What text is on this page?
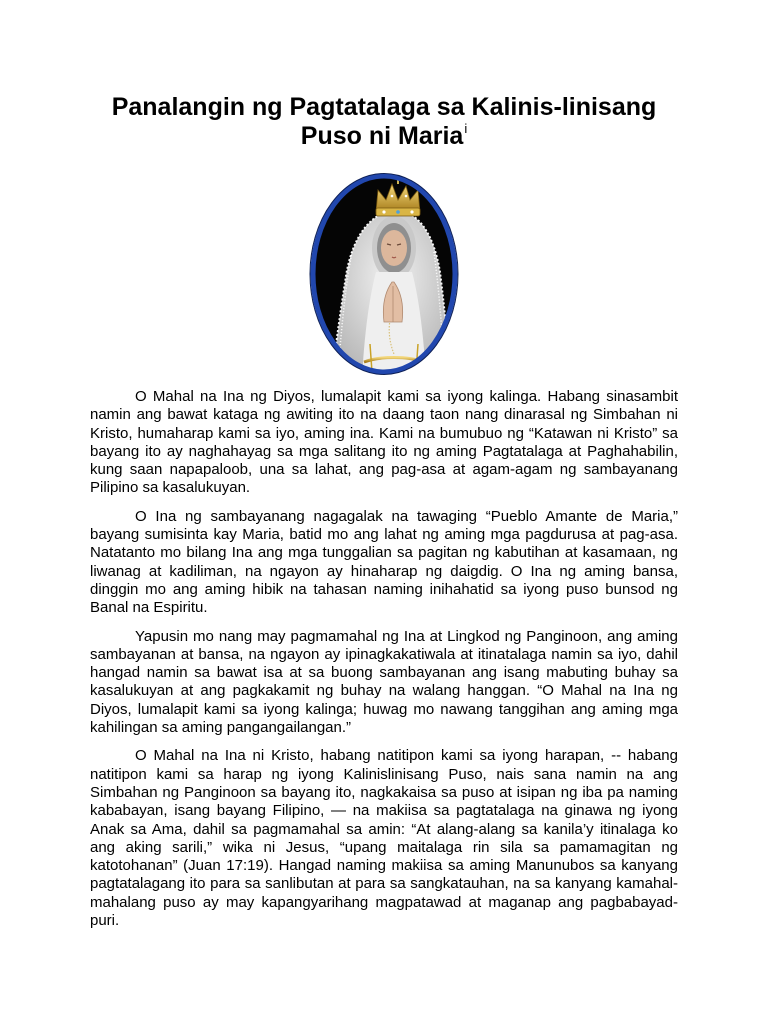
Panalangin ng Pagtatalaga sa Kalinis-linisang
Puso ni Maria$^i$

O Mahal na Ina ng Diyos, lumalapit kami sa iyong kalinga. Habang sinasambit namin ang bawat kataga ng awiting ito na daang taon nang dinarasal ng Simbahan ni Kristo, humaharap kami sa iyo, aming ina. Kami na bumubuo ng “Katawan ni Kristo” sa bayang ito ay naghahayag sa mga salitang ito ng aming Pagtatalaga at Paghahabilin, kung saan napapaloob, una sa lahat, ang pag-asa at agam-agam ng sambayanang Pilipino sa kasalukuyan.

O Ina ng sambayanang nagagalak na tawaging “Pueblo Amante de Maria,” bayang sumisinta kay Maria, batid mo ang lahat ng aming mga pagdurusa at pag-asa. Natatanto mo bilang Ina ang mga tunggalian sa pagitan ng kabutihan at kasamaan, ng liwanag at kadiliman, na ngayon ay hinaharap ng daigdig. O Ina ng aming bansa, dinggin mo ang aming hibik na tahasan naming inihahatid sa iyong puso bunsod ng Banal na Espiritu.

Yapusin mo nang may pagmamahal ng Ina at Lingkod ng Panginoon, ang aming sambayanan at bansa, na ngayon ay ipinagkakatiwala at itinatalaga namin sa iyo, dahil hangad namin sa bawat isa at sa buong sambayanan ang isang mabuting buhay sa kasalukuyan at ang pagkakamit ng buhay na walang hanggan. “O Mahal na Ina ng Diyos, lumalapit kami sa iyong kalinga; huwag mo nawang tanggihan ang aming mga kahilingan sa aming pangangailangan.”

O Mahal na Ina ni Kristo, habang natitipon kami sa iyong harapan, -- habang natitipon kami sa harap ng iyong Kalinislinisang Puso, nais sana namin na ang Simbahan ng Panginoon sa bayang ito, nagkakaisa sa puso at isipan ng iba pa naming kababayan, isang bayang Filipino, — na makiisa sa pagtatalaga na ginawa ng iyong Anak sa Ama, dahil sa pagmamahal sa amin: “At alang-alang sa kanila’y itinalaga ko ang aking sarili,” wika ni Jesus, “upang maitalaga rin sila sa pamamagitan ng katotohanan” (Juan 17:19). Hangad naming makiisa sa aming Manunubos sa kanyang pagtatalagang ito para sa sanlibutan at para sa sangkatauhan, na sa kanyang kamahal-mahalang puso ay may kapangyarihang magpatawad at maganap ang pagbabayad-puri.
